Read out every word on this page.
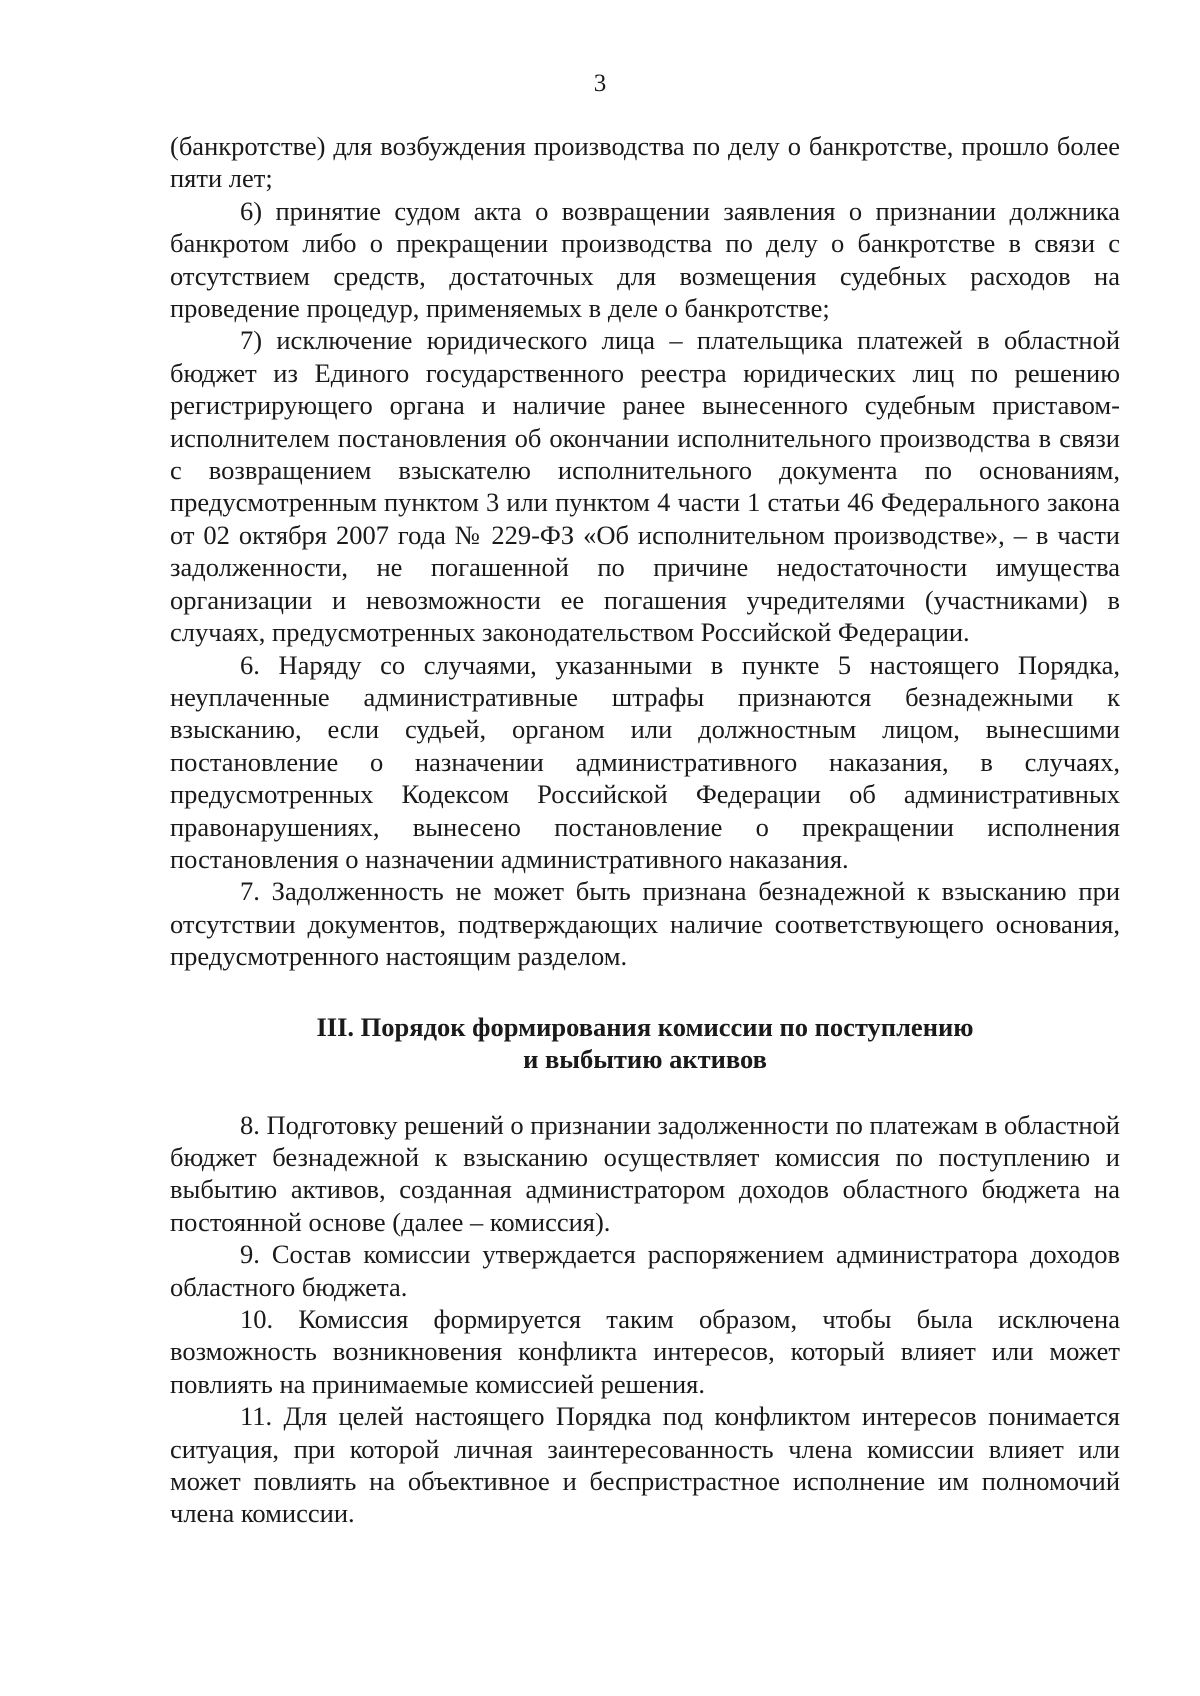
3

(банкротстве) для возбуждения производства по делу о банкротстве, прошло более пяти лет;

6) принятие судом акта о возвращении заявления о признании должника банкротом либо о прекращении производства по делу о банкротстве в связи с отсутствием средств, достаточных для возмещения судебных расходов на проведение процедур, применяемых в деле о банкротстве;

7) исключение юридического лица – плательщика платежей в областной бюджет из Единого государственного реестра юридических лиц по решению регистрирующего органа и наличие ранее вынесенного судебным приставом-исполнителем постановления об окончании исполнительного производства в связи с возвращением взыскателю исполнительного документа по основаниям, предусмотренным пунктом 3 или пунктом 4 части 1 статьи 46 Федерального закона от 02 октября 2007 года № 229-ФЗ «Об исполнительном производстве», – в части задолженности, не погашенной по причине недостаточности имущества организации и невозможности ее погашения учредителями (участниками) в случаях, предусмотренных законодательством Российской Федерации.

6. Наряду со случаями, указанными в пункте 5 настоящего Порядка, неуплаченные административные штрафы признаются безнадежными к взысканию, если судьей, органом или должностным лицом, вынесшими постановление о назначении административного наказания, в случаях, предусмотренных Кодексом Российской Федерации об административных правонарушениях, вынесено постановление о прекращении исполнения постановления о назначении административного наказания.

7. Задолженность не может быть признана безнадежной к взысканию при отсутствии документов, подтверждающих наличие соответствующего основания, предусмотренного настоящим разделом.

III. Порядок формирования комиссии по поступлению
и выбытию активов

8. Подготовку решений о признании задолженности по платежам в областной бюджет безнадежной к взысканию осуществляет комиссия по поступлению и выбытию активов, созданная администратором доходов областного бюджета на постоянной основе (далее – комиссия).

9. Состав комиссии утверждается распоряжением администратора доходов областного бюджета.

10. Комиссия формируется таким образом, чтобы была исключена возможность возникновения конфликта интересов, который влияет или может повлиять на принимаемые комиссией решения.

11. Для целей настоящего Порядка под конфликтом интересов понимается ситуация, при которой личная заинтересованность члена комиссии влияет или может повлиять на объективное и беспристрастное исполнение им полномочий члена комиссии.
